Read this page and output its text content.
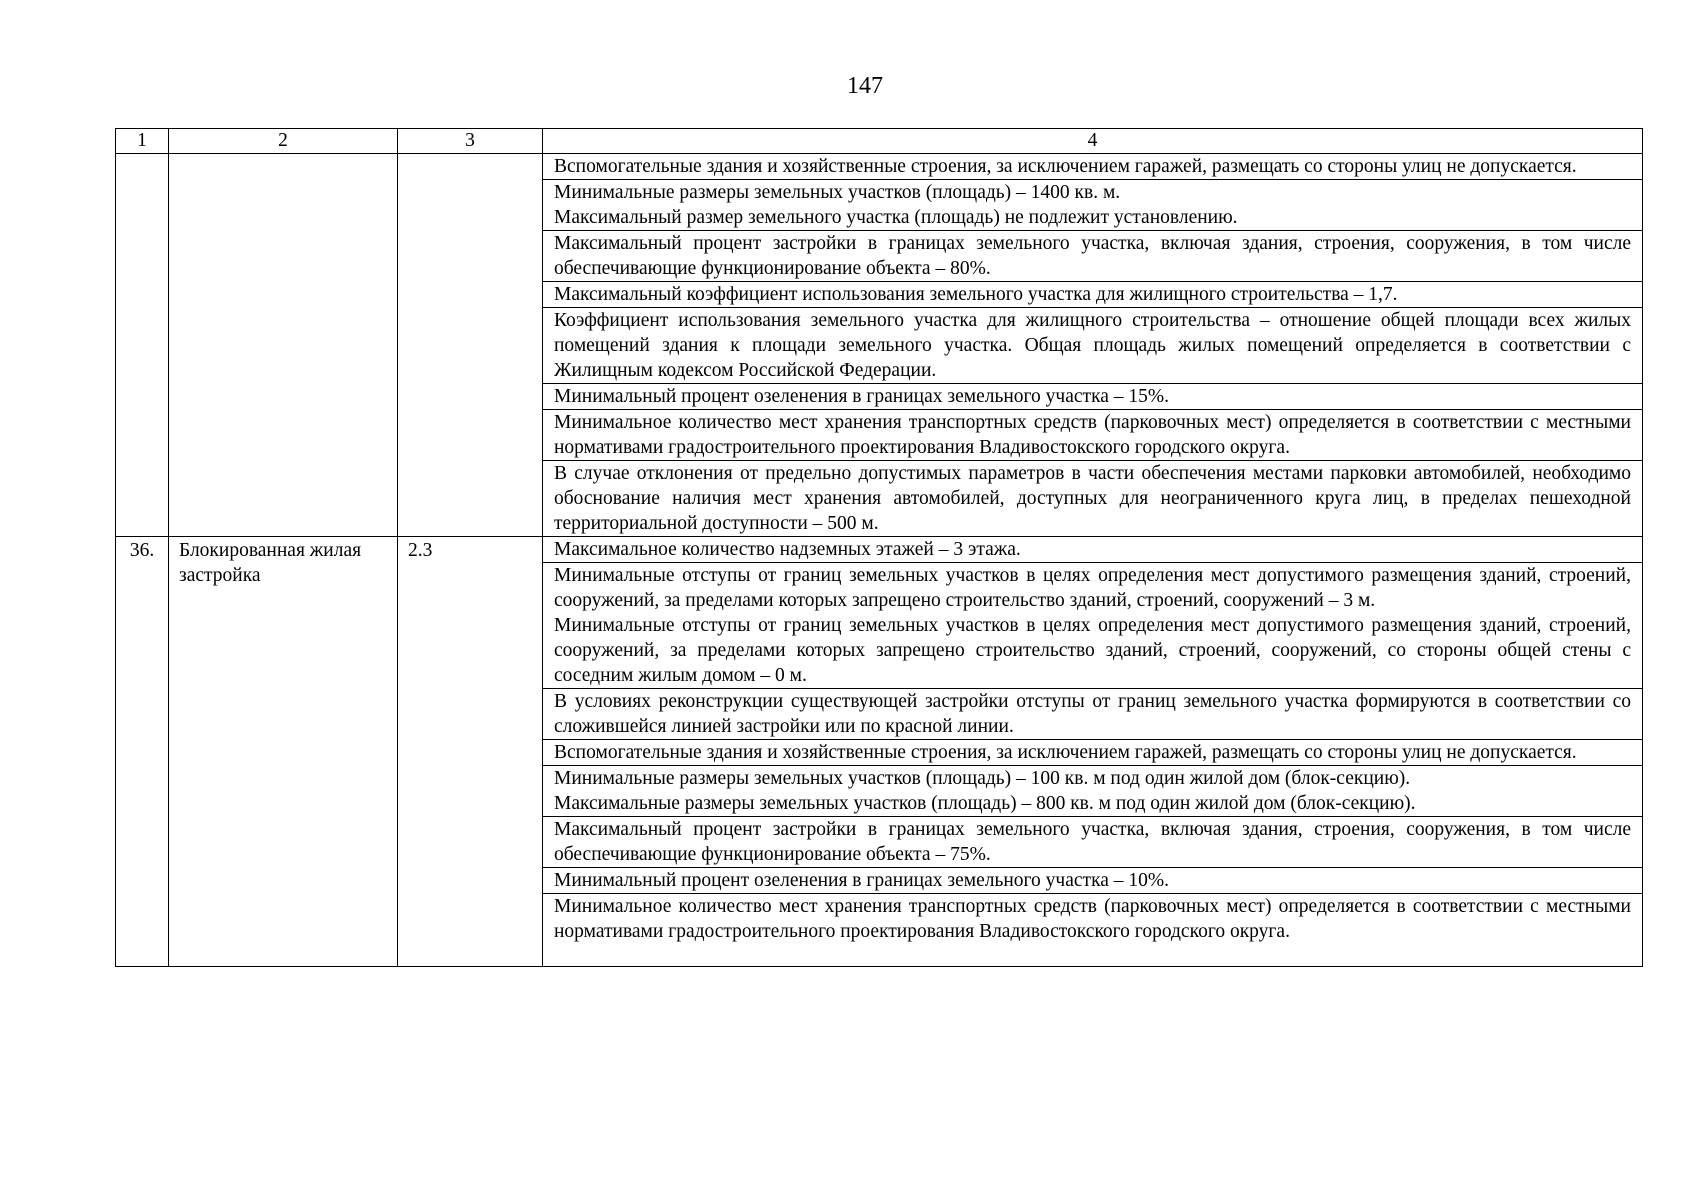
147
1	2	3	4

			Вспомогательные здания и хозяйственные строения, за исключением гаражей, размещать со стороны улиц не допускается.

			Минимальные размеры земельных участков (площадь) – 1400 кв. м.

Максимальный размер земельного участка (площадь) не подлежит установлению.

			Максимальный процент застройки в границах земельного участка, включая здания, строения, сооружения, в том числе обеспечивающие функционирование объекта – 80%.

			Максимальный коэффициент использования земельного участка для жилищного строительства – 1,7.

			Коэффициент использования земельного участка для жилищного строительства – отношение общей площади всех жилых помещений здания к площади земельного участка. Общая площадь жилых помещений определяется в соответствии с Жилищным кодексом Российской Федерации.

			Минимальный процент озеленения в границах земельного участка – 15%.

			Минимальное количество мест хранения транспортных средств (парковочных мест) определяется в соответствии с местными нормативами градостроительного проектирования Владивостокского городского округа.

			В случае отклонения от предельно допустимых параметров в части обеспечения местами парковки автомобилей, необходимо обоснование наличия мест хранения автомобилей, доступных для неограниченного круга лиц, в пределах пешеходной территориальной доступности – 500 м.

36.	Блокированная жилая застройка	2.3	Максимальное количество надземных этажей – 3 этажа.

			Минимальные отступы от границ земельных участков в целях определения мест допустимого размещения зданий, строений, сооружений, за пределами которых запрещено строительство зданий, строений, сооружений – 3 м.

Минимальные отступы от границ земельных участков в целях определения мест допустимого размещения зданий, строений, сооружений, за пределами которых запрещено строительство зданий, строений, сооружений, со стороны общей стены с соседним жилым домом – 0 м.

			В условиях реконструкции существующей застройки отступы от границ земельного участка формируются в соответствии со сложившейся линией застройки или по красной линии.

			Вспомогательные здания и хозяйственные строения, за исключением гаражей, размещать со стороны улиц не допускается.

			Минимальные размеры земельных участков (площадь) – 100 кв. м под один жилой дом (блок-секцию).

Максимальные размеры земельных участков (площадь) – 800 кв. м под один жилой дом (блок-секцию).

			Максимальный процент застройки в границах земельного участка, включая здания, строения, сооружения, в том числе обеспечивающие функционирование объекта – 75%.

			Минимальный процент озеленения в границах земельного участка – 10%.

			Минимальное количество мест хранения транспортных средств (парковочных мест) определяется в соответствии с местными нормативами градостроительного проектирования Владивостокского городского округа.
